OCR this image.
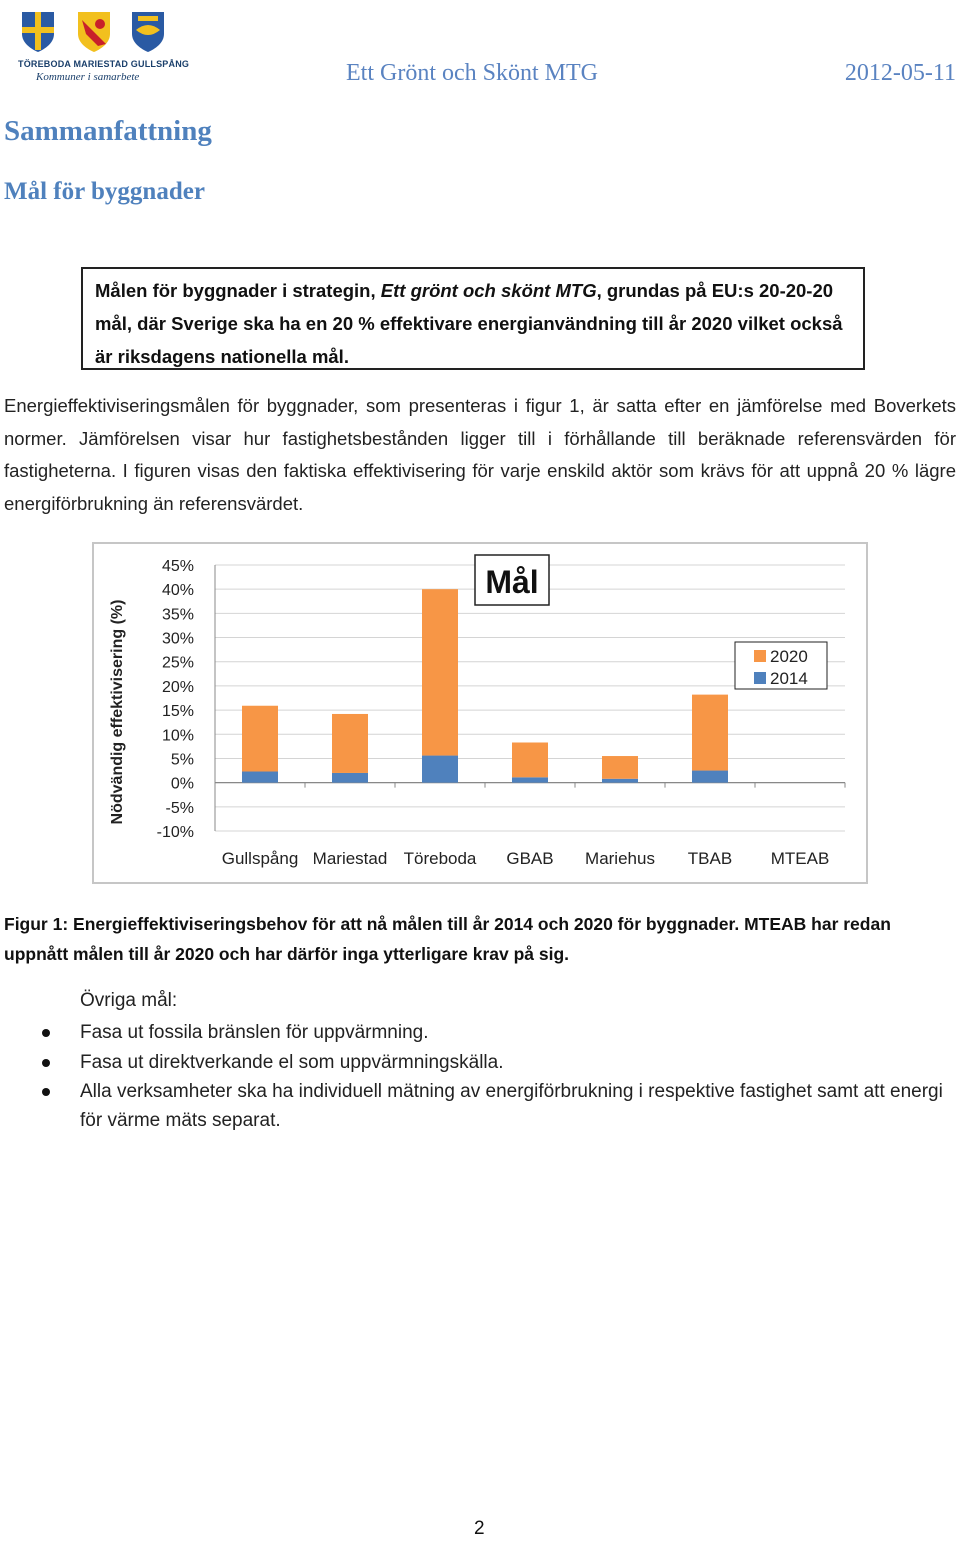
TÖREBODA MARIESTAD GULLSPÅNG
Kommuner i samarbete	Ett Grönt och Skönt MTG	2012-05-11
Sammanfattning
Mål för byggnader
Målen för byggnader i strategin, Ett grönt och skönt MTG, grundas på EU:s 20-20-20 mål, där Sverige ska ha en 20 % effektivare energianvändning till år 2020 vilket också är riksdagens nationella mål.
Energieffektiviseringsmålen för byggnader, som presenteras i figur 1, är satta efter en jämförelse med Boverkets normer. Jämförelsen visar hur fastighetsbestånden ligger till i förhållande till beräknade referensvärden för fastigheterna. I figuren visas den faktiska effektivisering för varje enskild aktör som krävs för att uppnå 20 % lägre energiförbrukning än referensvärdet.
45%
40%
35%
30%
25%
20%
15%
10%
5%
0%
-5%
-10%
Gullspång Mariestad Töreboda GBAB Mariehus TBAB MTEAB
Nödvändig effektivisering (%)
Mål
2020
2014
Figur 1: Energieffektiviseringsbehov för att nå målen till år 2014 och 2020 för byggnader. MTEAB har redan uppnått målen till år 2020 och har därför inga ytterligare krav på sig.
Övriga mål:
Fasa ut fossila bränslen för uppvärmning.
Fasa ut direktverkande el som uppvärmningskälla.
Alla verksamheter ska ha individuell mätning av energiförbrukning i respektive fastighet samt att energi för värme mäts separat.
2
